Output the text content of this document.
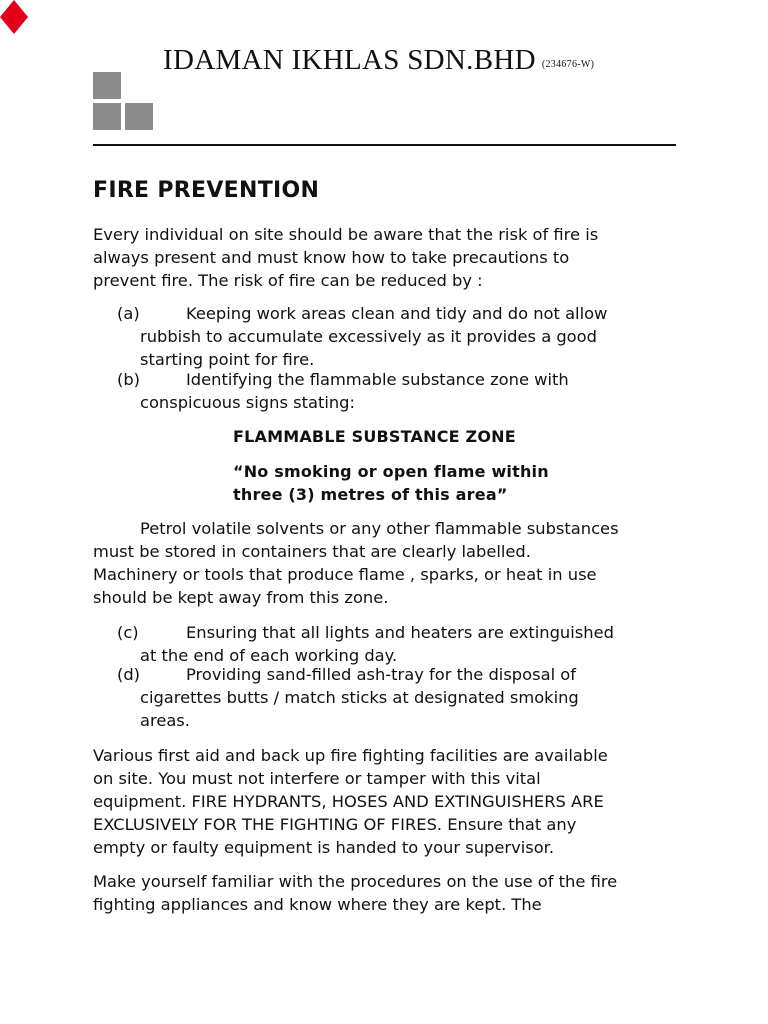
IDAMAN IKHLAS SDN.BHD (234676-W)
FIRE PREVENTION

Every individual on site should be aware that the risk of fire is
always present and must know how to take precautions to
prevent fire. The risk of fire can be reduced by :

(a)	Keeping work areas clean and tidy and do not allow
rubbish to accumulate excessively as it provides a good
starting point for fire.
(b)	Identifying the flammable substance zone with
conspicuous signs stating:

FLAMMABLE SUBSTANCE ZONE

“No smoking or open flame within
three (3) metres of this area”

Petrol volatile solvents or any other flammable substances
must be stored in containers that are clearly labelled.
Machinery or tools that produce flame , sparks, or heat in use
should be kept away from this zone.

(c)	Ensuring that all lights and heaters are extinguished
at the end of each working day.
(d)	Providing sand-filled ash-tray for the disposal of
cigarettes butts / match sticks at designated smoking
areas.

Various first aid and back up fire fighting facilities are available
on site. You must not interfere or tamper with this vital
equipment. FIRE HYDRANTS, HOSES AND EXTINGUISHERS ARE
EXCLUSIVELY FOR THE FIGHTING OF FIRES. Ensure that any
empty or faulty equipment is handed to your supervisor.

Make yourself familiar with the procedures on the use of the fire
fighting appliances and know where they are kept. The
